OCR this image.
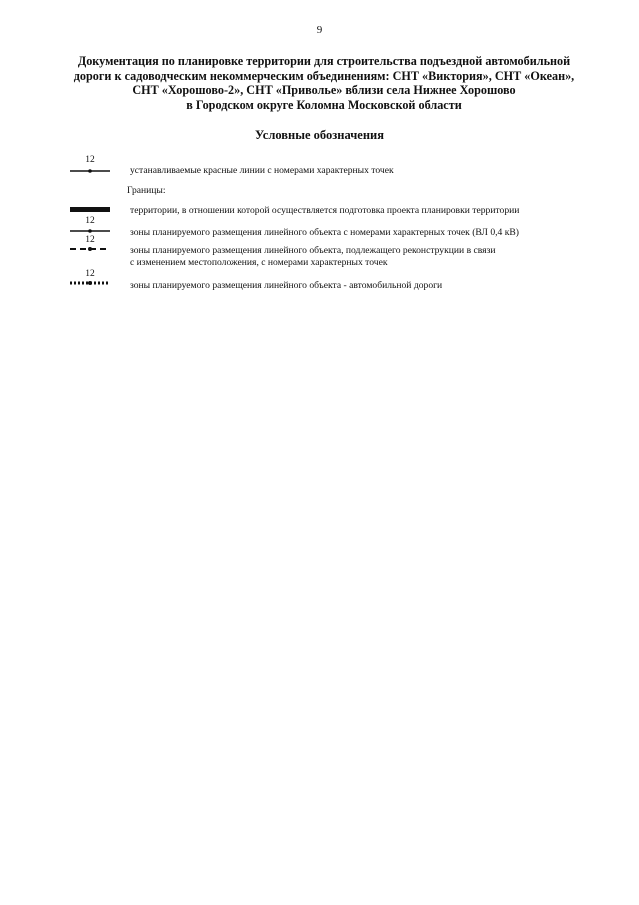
9
Документация по планировке территории для строительства подъездной автомобильной
дороги к садоводческим некоммерческим объединениям: СНТ «Виктория», СНТ «Океан»,
СНТ «Хорошово-2», СНТ «Приволье» вблизи села Нижнее Хорошово
в Городском округе Коломна Московской области
Условные обозначения
12
устанавливаемые красные линии с номерами характерных точек
Границы:
территории, в отношении которой осуществляется подготовка проекта планировки территории
12
зоны планируемого размещения линейного объекта с номерами характерных точек (ВЛ 0,4 кВ)
12
зоны планируемого размещения линейного объекта, подлежащего реконструкции в связи
с изменением местоположения, с номерами характерных точек
12
зоны планируемого размещения линейного объекта - автомобильной дороги
